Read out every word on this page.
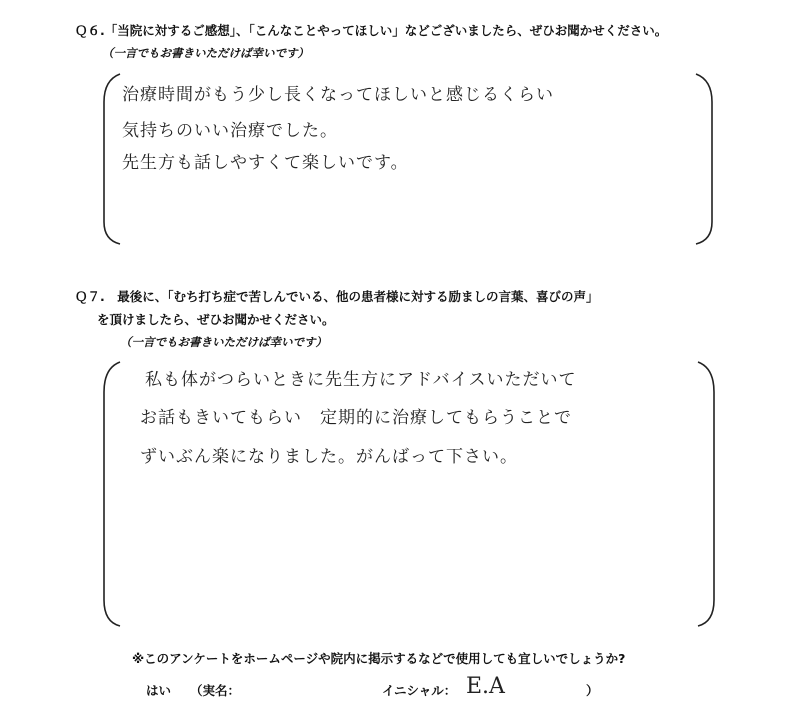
Ｑ６.「当院に対するご感想」、「こんなことやってほしい」などございましたら、ぜひお聞かせください。
（一言でもお書きいただけば幸いです）
治療時間がもう少し長くなってほしいと感じるくらい
気持ちのいい治療でした。
先生方も話しやすくて楽しいです。
Ｑ７.　最後に、「むち打ち症で苦しんでいる、他の患者様に対する励ましの言葉、喜びの声」
を頂けましたら、ぜひお聞かせください。
（一言でもお書きいただけば幸いです）
私も体がつらいときに先生方にアドバイスいただいて
お話もきいてもらい　定期的に治療してもらうことで
ずいぶん楽になりました。がんばって下さい。
※このアンケートをホームページや院内に掲示するなどで使用しても宜しいでしょうか?
はい （実名：	イニシャル： E.A	）
